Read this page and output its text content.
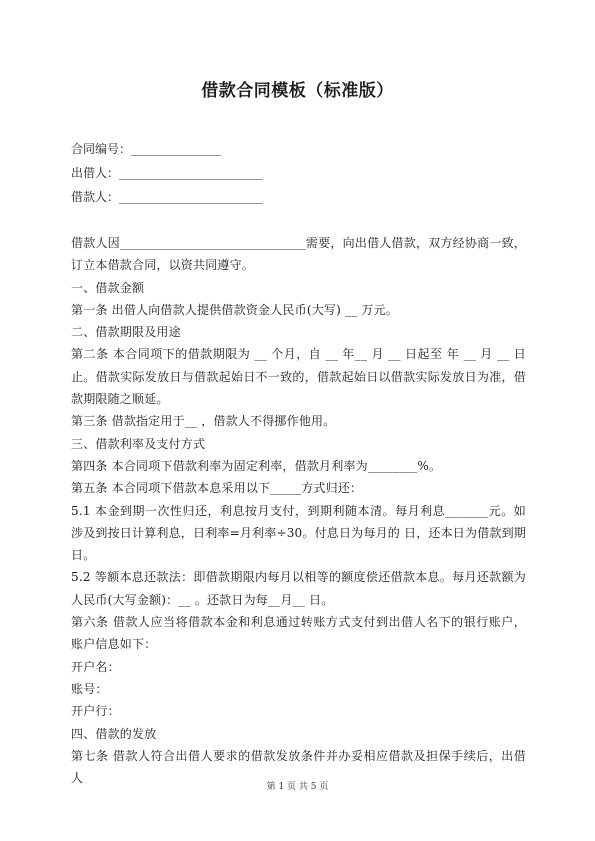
借款合同模板（标准版）
合同编号：_______________
出借人：________________________
借款人：________________________

借款人因______________________________需要，向出借人借款，双方经协商一致，订立本借款合同，以资共同遵守。

一、借款金额

第一条 出借人向借款人提供借款资金人民币(大写) __ 万元。

二、借款期限及用途

第二条 本合同项下的借款期限为 __ 个月，自 __ 年__ 月 __ 日起至 年 __ 月 __ 日止。借款实际发放日与借款起始日不一致的，借款起始日以借款实际发放日为准，借款期限随之顺延。

第三条 借款指定用于__ ，借款人不得挪作他用。

三、借款利率及支付方式

第四条 本合同项下借款利率为固定利率，借款月利率为________%。

第五条 本合同项下借款本息采用以下_____方式归还：

5.1 本金到期一次性归还，利息按月支付，到期利随本清。每月利息_______元。如涉及到按日计算利息，日利率=月利率÷30。付息日为每月的 日，还本日为借款到期日。

5.2 等额本息还款法：即借款期限内每月以相等的额度偿还借款本息。每月还款额为人民币(大写金额)：__ 。还款日为每__月__ 日。

第六条 借款人应当将借款本金和利息通过转账方式支付到出借人名下的银行账户，账户信息如下：

开户名：

账号：

开户行：

四、借款的发放

第七条 借款人符合出借人要求的借款发放条件并办妥相应借款及担保手续后，出借人

第 1 页 共 5 页
